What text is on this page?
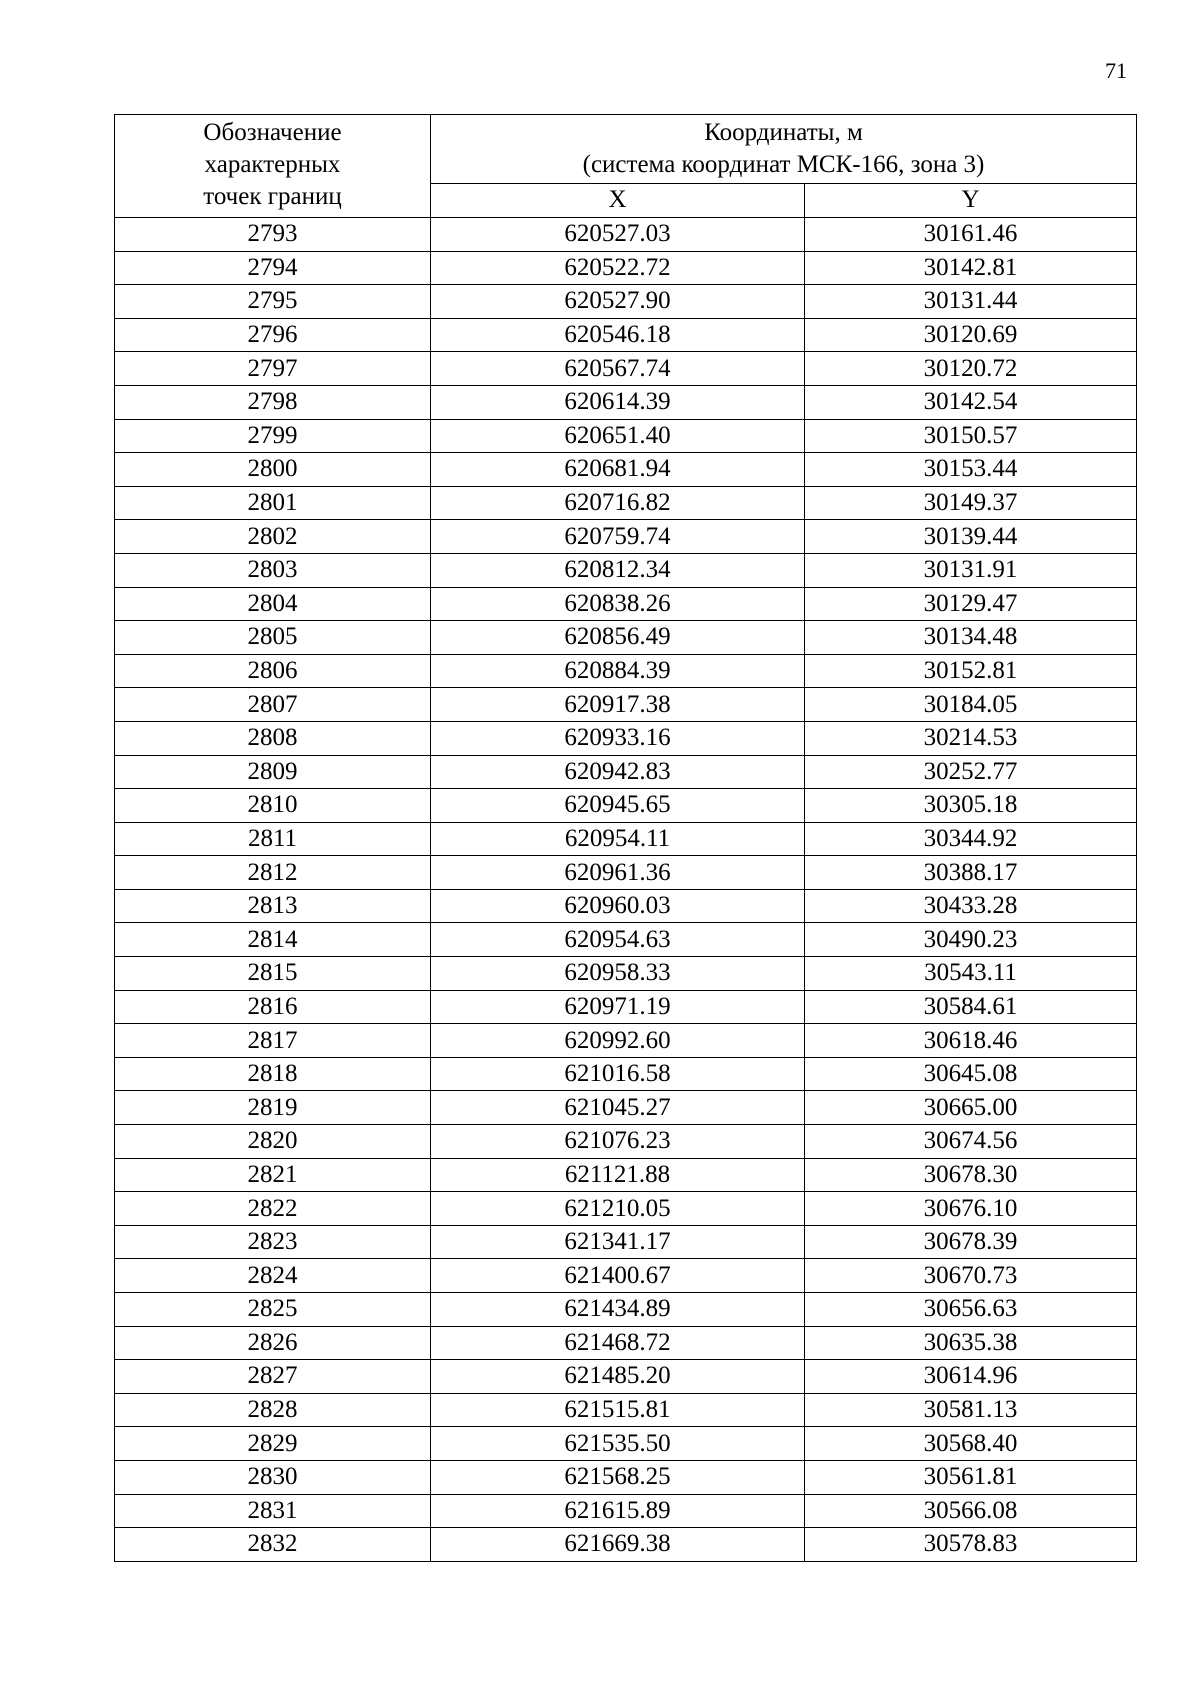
71
Обозначение
характерных
точек границ	Координаты, м
(система координат МСК-166, зона 3)	

	X	Y
2793	620527.03	30161.46
2794	620522.72	30142.81
2795	620527.90	30131.44
2796	620546.18	30120.69
2797	620567.74	30120.72
2798	620614.39	30142.54
2799	620651.40	30150.57
2800	620681.94	30153.44
2801	620716.82	30149.37
2802	620759.74	30139.44
2803	620812.34	30131.91
2804	620838.26	30129.47
2805	620856.49	30134.48
2806	620884.39	30152.81
2807	620917.38	30184.05
2808	620933.16	30214.53
2809	620942.83	30252.77
2810	620945.65	30305.18
2811	620954.11	30344.92
2812	620961.36	30388.17
2813	620960.03	30433.28
2814	620954.63	30490.23
2815	620958.33	30543.11
2816	620971.19	30584.61
2817	620992.60	30618.46
2818	621016.58	30645.08
2819	621045.27	30665.00
2820	621076.23	30674.56
2821	621121.88	30678.30
2822	621210.05	30676.10
2823	621341.17	30678.39
2824	621400.67	30670.73
2825	621434.89	30656.63
2826	621468.72	30635.38
2827	621485.20	30614.96
2828	621515.81	30581.13
2829	621535.50	30568.40
2830	621568.25	30561.81
2831	621615.89	30566.08
2832	621669.38	30578.83
